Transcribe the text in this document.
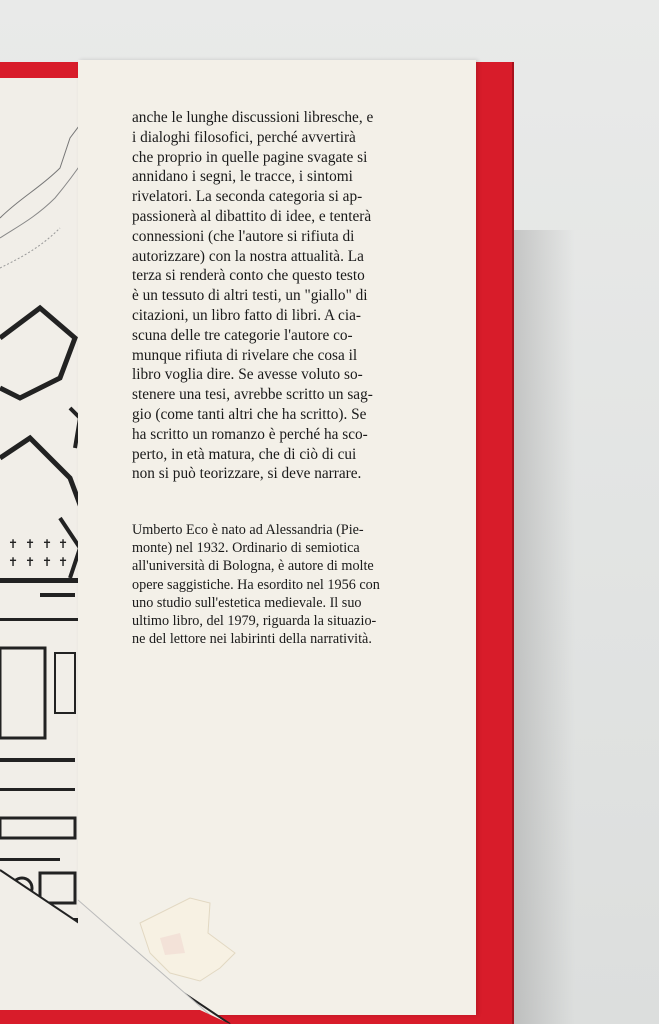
✝ ✝ ✝ ✝
✝ ✝ ✝ ✝

anche le lunghe discussioni libresche, e

i dialoghi filosofici, perché avvertirà

che proprio in quelle pagine svagate si

annidano i segni, le tracce, i sintomi

rivelatori. La seconda categoria si ap-

passionerà al dibattito di idee, e tenterà

connessioni (che l'autore si rifiuta di

autorizzare) con la nostra attualità. La

terza si renderà conto che questo testo

è un tessuto di altri testi, un "giallo" di

citazioni, un libro fatto di libri. A cia-

scuna delle tre categorie l'autore co-

munque rifiuta di rivelare che cosa il

libro voglia dire. Se avesse voluto so-

stenere una tesi, avrebbe scritto un sag-

gio (come tanti altri che ha scritto). Se

ha scritto un romanzo è perché ha sco-

perto, in età matura, che di ciò di cui

non si può teorizzare, si deve narrare.

Umberto Eco è nato ad Alessandria (Pie-

monte) nel 1932. Ordinario di semiotica

all'università di Bologna, è autore di molte

opere saggistiche. Ha esordito nel 1956 con

uno studio sull'estetica medievale. Il suo

ultimo libro, del 1979, riguarda la situazio-

ne del lettore nei labirinti della narratività.
